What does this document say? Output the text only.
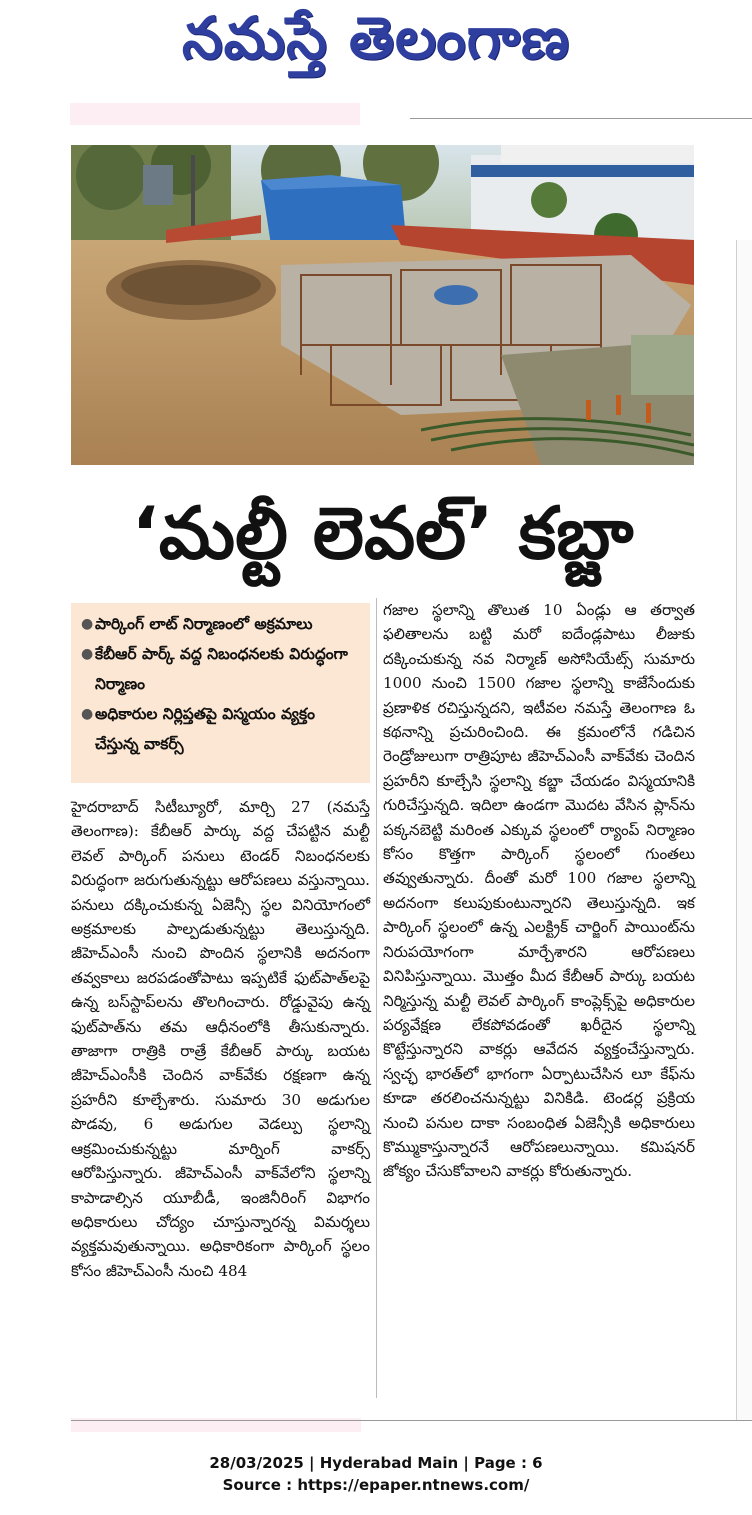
నమస్తే తెలంగాణ
‘మల్టీ లెవల్’ కబ్జా
● పార్కింగ్ లాట్ నిర్మాణంలో అక్రమాలు
● కేబీఆర్ పార్క్ వద్ద నిబంధనలకు విరుద్ధంగా నిర్మాణం
● అధికారుల నిర్లిప్తతపై విస్మయం వ్యక్తం చేస్తున్న వాకర్స్
హైదరాబాద్ సిటీబ్యూరో, మార్చి 27 (నమస్తే తెలంగాణ): కేబీఆర్ పార్కు వద్ద చేపట్టిన మల్టీ లెవల్ పార్కింగ్ పనులు టెండర్ నిబంధనలకు విరుద్ధంగా జరుగుతున్నట్టు ఆరోపణలు వస్తున్నాయి. పనులు దక్కించుకున్న ఏజెన్సీ స్థల వినియోగంలో అక్రమాలకు పాల్పడుతున్నట్టు తెలుస్తున్నది. జీహెచ్ఎంసీ నుంచి పొందిన స్థలానికి అదనంగా తవ్వకాలు జరపడంతోపాటు ఇప్పటికే ఫుట్‌పాత్‌లపై ఉన్న బస్‌స్టాప్‌లను తొలగించారు. రోడ్డువైపు ఉన్న ఫుట్‌పాత్‌ను తమ ఆధీనంలోకి తీసుకున్నారు. తాజాగా రాత్రికి రాత్రే కేబీఆర్ పార్కు బయట జీహెచ్ఎంసీకి చెందిన వాక్‌వేకు రక్షణగా ఉన్న ప్రహరీని కూల్చేశారు. సుమారు 30 అడుగుల పొడవు, 6 అడుగుల వెడల్పు స్థలాన్ని ఆక్రమించుకున్నట్టు మార్నింగ్ వాకర్స్ ఆరోపిస్తున్నారు. జీహెచ్ఎంసీ వాక్‌వేలోని స్థలాన్ని కాపాడాల్సిన యూబీడీ, ఇంజినీరింగ్ విభాగం అధికారులు చోద్యం చూస్తున్నారన్న విమర్శలు వ్యక్తమవుతున్నాయి. అధికారికంగా పార్కింగ్ స్థలం కోసం జీహెచ్ఎంసీ నుంచి 484
గజాల స్థలాన్ని తొలుత 10 ఏండ్లు ఆ తర్వాత ఫలితాలను బట్టి మరో ఐదేండ్లపాటు లీజుకు దక్కించుకున్న నవ నిర్మాణ్ అసోసియేట్స్ సుమారు 1000 నుంచి 1500 గజాల స్థలాన్ని కాజేసేందుకు ప్రణాళిక రచిస్తున్నదని, ఇటీవల నమస్తే తెలంగాణ ఓ కథనాన్ని ప్రచురించింది. ఈ క్రమంలోనే గడిచిన రెండ్రోజులుగా రాత్రిపూట జీహెచ్ఎంసీ వాక్‌వేకు చెందిన ప్రహరీని కూల్చేసి స్థలాన్ని కబ్జా చేయడం విస్మయానికి గురిచేస్తున్నది. ఇదిలా ఉండగా మొదట వేసిన ప్లాన్‌ను పక్కనబెట్టి మరింత ఎక్కువ స్థలంలో ర్యాంప్ నిర్మాణం కోసం కొత్తగా పార్కింగ్ స్థలంలో గుంతలు తవ్వుతున్నారు. దీంతో మరో 100 గజాల స్థలాన్ని అదనంగా కలుపుకుంటున్నారని తెలుస్తున్నది. ఇక పార్కింగ్ స్థలంలో ఉన్న ఎలక్ట్రిక్ చార్జింగ్ పాయింట్‌ను నిరుపయోగంగా మార్చేశారని ఆరోపణలు వినిపిస్తున్నాయి. మొత్తం మీద కేబీఆర్ పార్కు బయట నిర్మిస్తున్న మల్టీ లెవల్ పార్కింగ్ కాంప్లెక్స్‌పై అధికారుల పర్యవేక్షణ లేకపోవడంతో ఖరీదైన స్థలాన్ని కొట్టేస్తున్నారని వాకర్లు ఆవేదన వ్యక్తంచేస్తున్నారు. స్వచ్ఛ భారత్‌లో భాగంగా ఏర్పాటుచేసిన లూ కేఫ్‌ను కూడా తరలించనున్నట్టు వినికిడి. టెండర్ల ప్రక్రియ నుంచి పనుల దాకా సంబంధిత ఏజెన్సీకి అధికారులు కొమ్ముకాస్తున్నారనే ఆరోపణలున్నాయి. కమిషనర్ జోక్యం చేసుకోవాలని వాకర్లు కోరుతున్నారు.
28/03/2025 | Hyderabad Main | Page : 6
Source : https://epaper.ntnews.com/
